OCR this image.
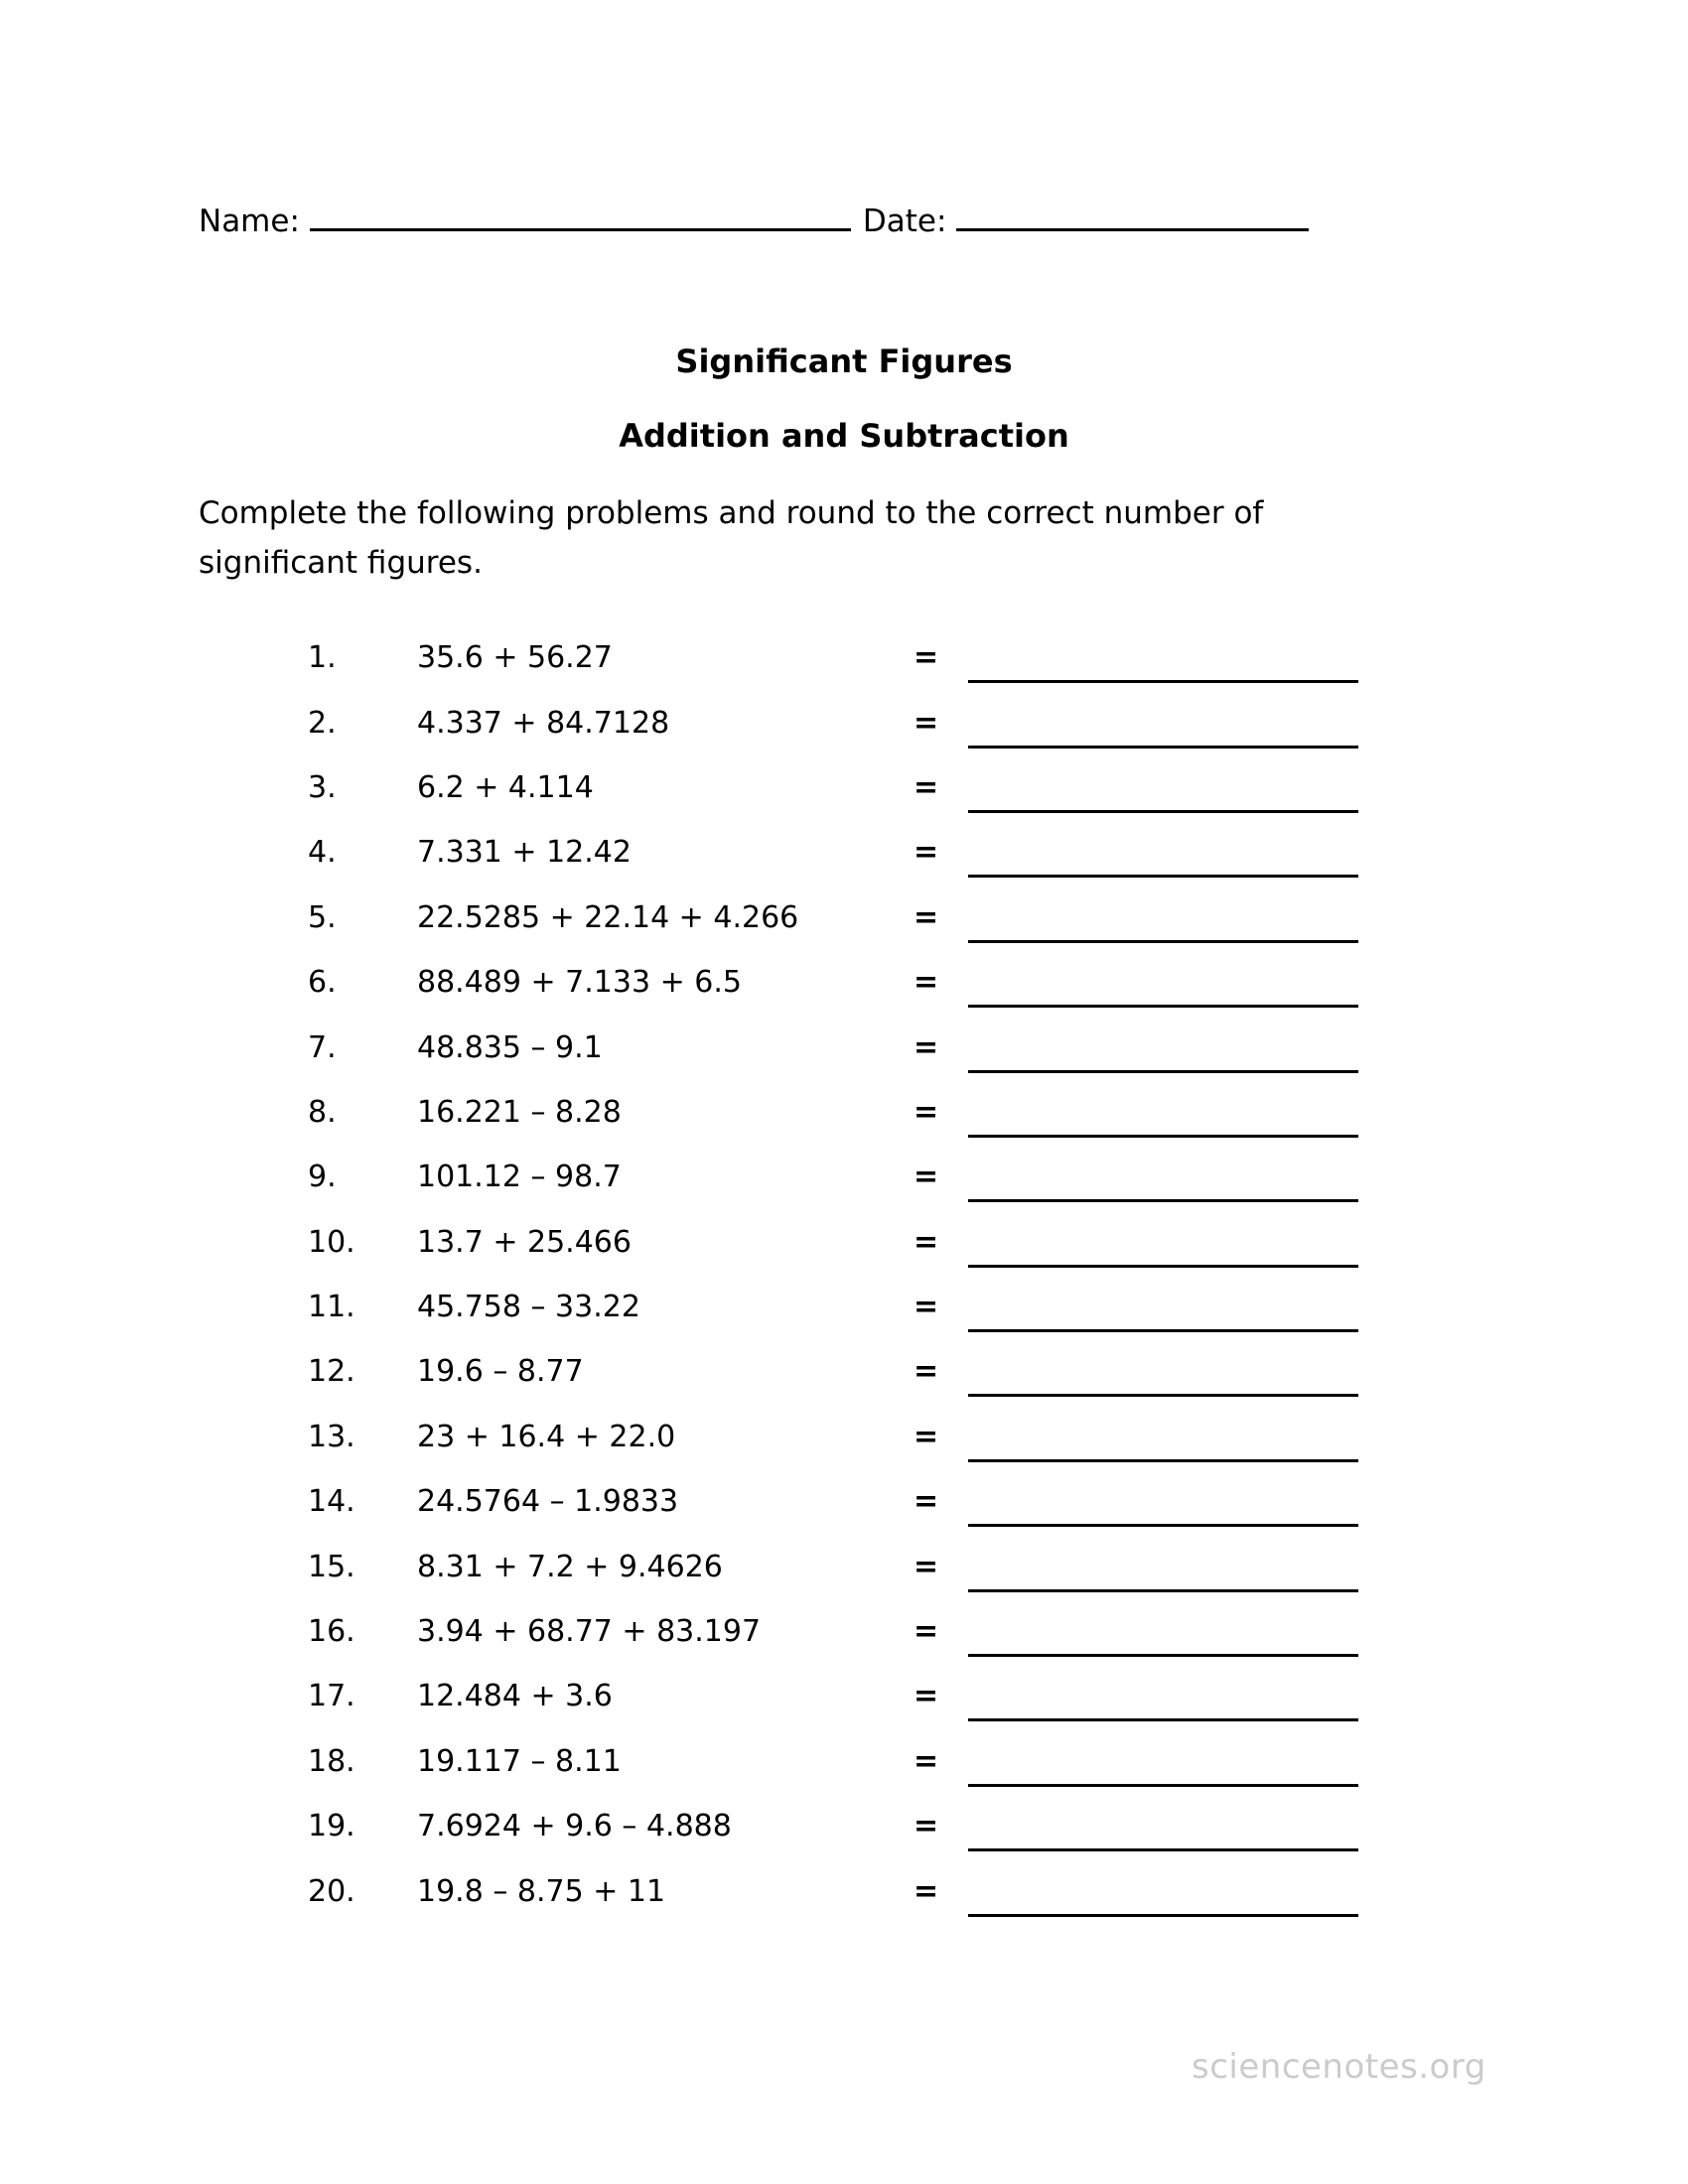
Name:	Date:
Significant Figures
Addition and Subtraction
Complete the following problems and round to the correct number of significant figures.
1.	35.6 + 56.27	=
2.	4.337 + 84.7128	=
3.	6.2 + 4.114	=
4.	7.331 + 12.42	=
5.	22.5285 + 22.14 + 4.266	=
6.	88.489 + 7.133 + 6.5	=
7.	48.835 – 9.1	=
8.	16.221 – 8.28	=
9.	101.12 – 98.7	=
10.	13.7 + 25.466	=
11.	45.758 – 33.22	=
12.	19.6 – 8.77	=
13.	23 + 16.4 + 22.0	=
14.	24.5764 – 1.9833	=
15.	8.31 + 7.2 + 9.4626	=
16.	3.94 + 68.77 + 83.197	=
17.	12.484 + 3.6	=
18.	19.117 – 8.11	=
19.	7.6924 + 9.6 – 4.888	=
20.	19.8 – 8.75 + 11	=
sciencenotes.org
